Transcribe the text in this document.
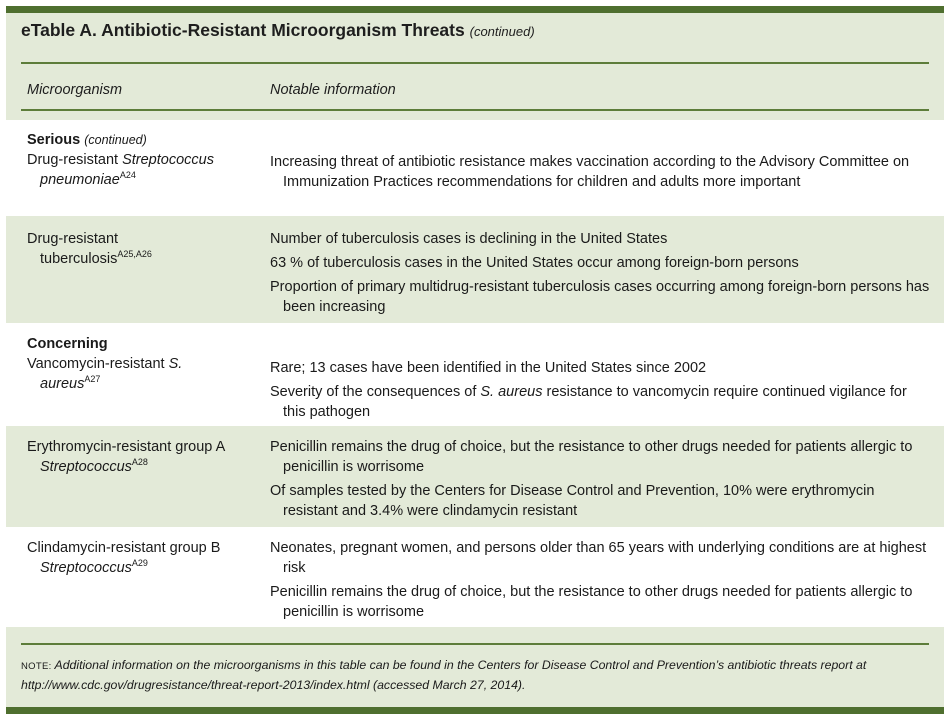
eTable A. Antibiotic-Resistant Microorganism Threats (continued)
Microorganism	Notable information
Serious (continued)
Drug-resistant Streptococcus pneumoniae$^{A24}$
Increasing threat of antibiotic resistance makes vaccination according to the Advisory Committee on Immunization Practices recommendations for children and adults more important
Drug-resistant tuberculosis$^{A25,A26}$
Number of tuberculosis cases is declining in the United States
63 % of tuberculosis cases in the United States occur among foreign-born persons
Proportion of primary multidrug-resistant tuberculosis cases occurring among foreign-born persons has been increasing
Concerning
Vancomycin-resistant S. aureus$^{A27}$
Rare; 13 cases have been identified in the United States since 2002
Severity of the consequences of S. aureus resistance to vancomycin require continued vigilance for this pathogen
Erythromycin-resistant group A Streptococcus$^{A28}$
Penicillin remains the drug of choice, but the resistance to other drugs needed for patients allergic to penicillin is worrisome
Of samples tested by the Centers for Disease Control and Prevention, 10% were erythromycin resistant and 3.4% were clindamycin resistant
Clindamycin-resistant group B Streptococcus$^{A29}$
Neonates, pregnant women, and persons older than 65 years with underlying conditions are at highest risk
Penicillin remains the drug of choice, but the resistance to other drugs needed for patients allergic to penicillin is worrisome
NOTE: Additional information on the microorganisms in this table can be found in the Centers for Disease Control and Prevention’s antibiotic threats report at http://www.cdc.gov/drugresistance/threat-report-2013/index.html (accessed March 27, 2014).
